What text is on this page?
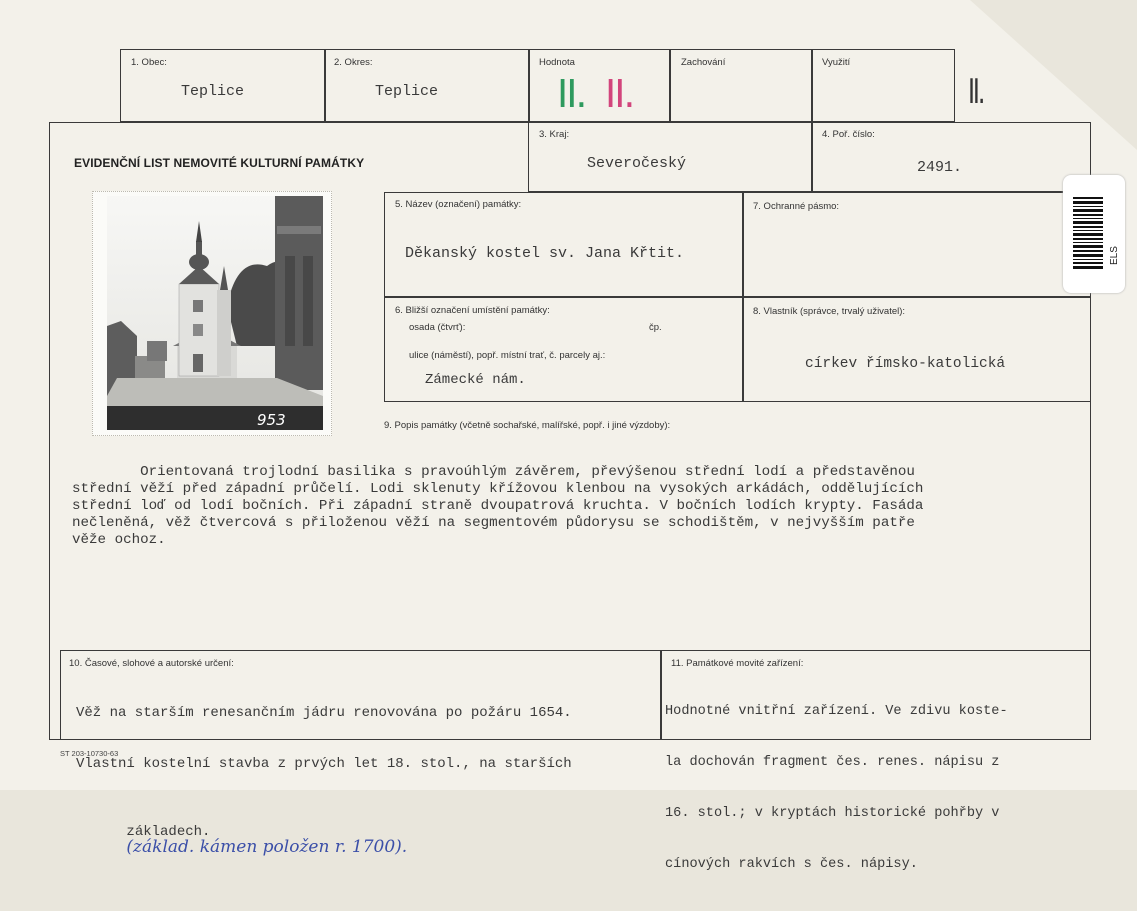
1. Obec:
Teplice
2. Okres:
Teplice
Hodnota
II. II.
Zachování	Využití
II.
EVIDENČNÍ LIST NEMOVITÉ KULTURNÍ PAMÁTKY
3. Kraj:
Severočeský
4. Poř. číslo:
2491.
953
5. Název (označení) památky:
Děkanský kostel sv. Jana Křtit.
7. Ochranné pásmo:
6. Bližší označení umístění památky:
osada (čtvrť):	čp.
ulice (náměstí), popř. místní trať, č. parcely aj.:
Zámecké nám.
8. Vlastník (správce, trvalý uživatel):
církev římsko-katolická
ELS
9. Popis památky (včetně sochařské, malířské, popř. i jiné výzdoby):

Orientovaná trojlodní basilika s pravoúhlým závěrem, převýšenou střední lodí a představěnou

střední věží před západní průčelí. Lodi sklenuty křížovou klenbou na vysokých arkádách, oddělujících

střední loď od lodí bočních. Při západní straně dvoupatrová kruchta. V bočních lodích krypty. Fasáda

nečleněná, věž čtvercová s přiloženou věží na segmentovém půdorysu se schodištěm, v nejvyšším patře

věže ochoz.

10. Časové, slohové a autorské určení:

Věž na starším renesančním jádru renovována po požáru 1654.

Vlastní kostelní stavba z prvých let 18. stol., na starších

základech.
(základ. kámen položen r. 1700).

11. Památkové movité zařízení:

Hodnotné vnitřní zařízení. Ve zdivu koste-

la dochován fragment čes. renes. nápisu z

16. stol.; v kryptách historické pohřby v

cínových rakvích s čes. nápisy.

ST 203-10730-63
